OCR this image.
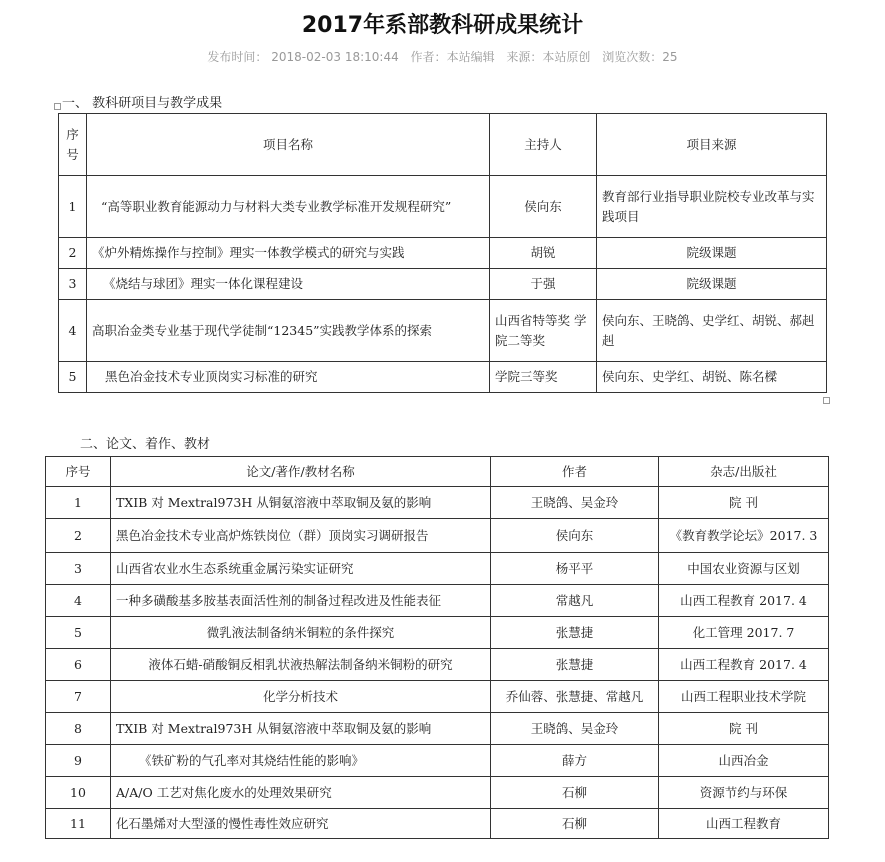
2017年系部教科研成果统计
发布时间： 2018-02-03 18:10:44 作者：本站编辑 来源：本站原创 浏览次数：25
一、 教科研项目与教学成果
序号	项目名称	主持人	项目来源
1	“高等职业教育能源动力与材料大类专业教学标准开发规程研究”	侯向东	教育部行业指导职业院校专业改革与实践项目
2	《炉外精炼操作与控制》理实一体教学模式的研究与实践	胡锐	院级课题
3	《烧结与球团》理实一体化课程建设	于强	院级课题
4	高职冶金类专业基于现代学徒制“12345”实践教学体系的探索	山西省特等奖 学院二等奖	侯向东、王晓鸽、史学红、胡锐、郝赳赳
5	黑色冶金技术专业顶岗实习标准的研究	学院三等奖	侯向东、史学红、胡锐、陈名樑
二、论文、着作、教材
序号	论文/著作/教材名称	作者	杂志/出版社
1	TXIB 对 Mextral973H 从铜氨溶液中萃取铜及氨的影响	王晓鸽、吴金玲	院 刊
2	黑色冶金技术专业高炉炼铁岗位（群）顶岗实习调研报告	侯向东	《教育教学论坛》2017. 3
3	山西省农业水生态系统重金属污染实证研究	杨平平	中国农业资源与区划
4	一种多磺酸基多胺基表面活性剂的制备过程改进及性能表征	常越凡	山西工程教育 2017. 4
5	微乳液法制备纳米铜粒的条件探究	张慧捷	化工管理 2017. 7
6	液体石蜡-硝酸铜反相乳状液热解法制备纳米铜粉的研究	张慧捷	山西工程教育 2017. 4
7	化学分析技术	乔仙蓉、张慧捷、常越凡	山西工程职业技术学院
8	TXIB 对 Mextral973H 从铜氨溶液中萃取铜及氨的影响	王晓鸽、吴金玲	院 刊
9	《铁矿粉的气孔率对其烧结性能的影响》	薛方	山西冶金
10	A/A/O 工艺对焦化废水的处理效果研究	石柳	资源节约与环保
11	化石墨烯对大型溞的慢性毒性效应研究	石柳	山西工程教育
